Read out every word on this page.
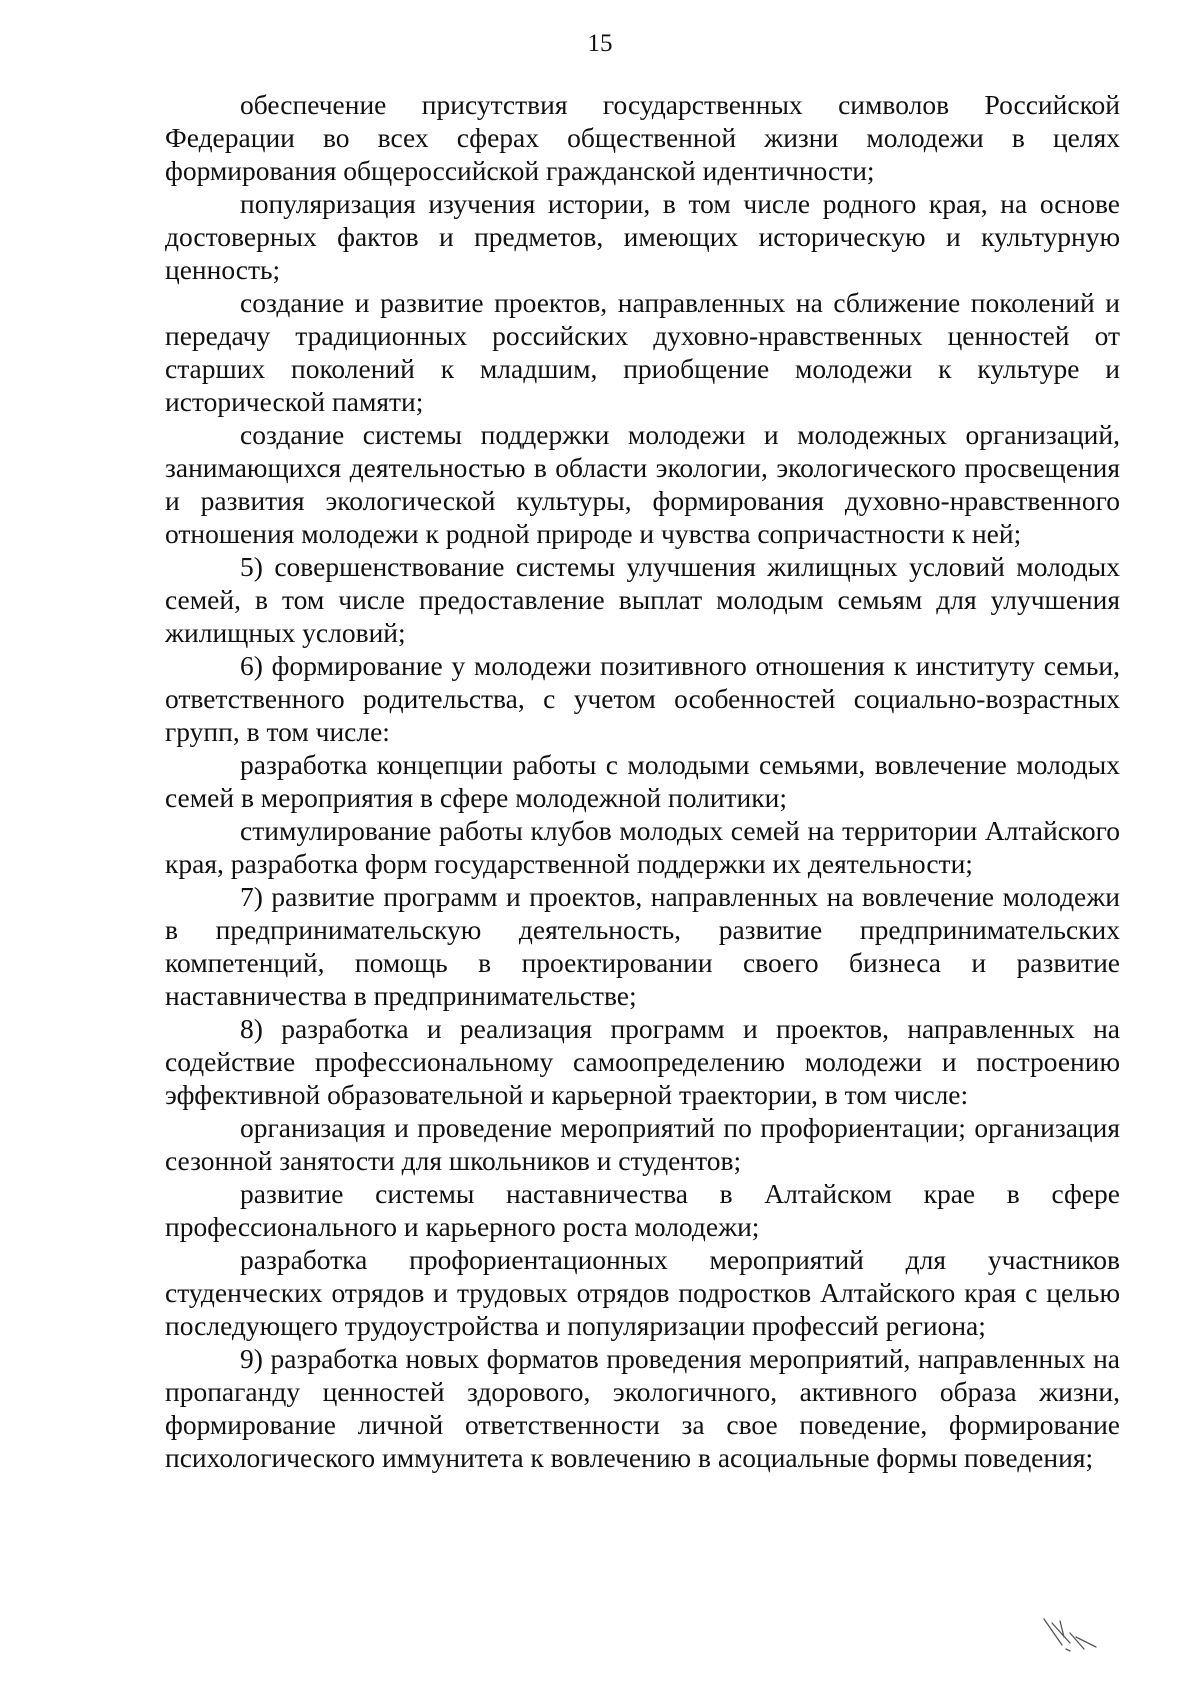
15

обеспечение присутствия государственных символов Российской Федерации во всех сферах общественной жизни молодежи в целях формирования общероссийской гражданской идентичности;

популяризация изучения истории, в том числе родного края, на основе достоверных фактов и предметов, имеющих историческую и культурную ценность;

создание и развитие проектов, направленных на сближение поколений и передачу традиционных российских духовно-нравственных ценностей от старших поколений к младшим, приобщение молодежи к культуре и исторической памяти;

создание системы поддержки молодежи и молодежных организаций, занимающихся деятельностью в области экологии, экологического просвещения и развития экологической культуры, формирования духовно-нравственного отношения молодежи к родной природе и чувства сопричастности к ней;

5) совершенствование системы улучшения жилищных условий молодых семей, в том числе предоставление выплат молодым семьям для улучшения жилищных условий;

6) формирование у молодежи позитивного отношения к институту семьи, ответственного родительства, с учетом особенностей социально-возрастных групп, в том числе:

разработка концепции работы с молодыми семьями, вовлечение молодых семей в мероприятия в сфере молодежной политики;

стимулирование работы клубов молодых семей на территории Алтайского края, разработка форм государственной поддержки их деятельности;

7) развитие программ и проектов, направленных на вовлечение молодежи в предпринимательскую деятельность, развитие предпринимательских компетенций, помощь в проектировании своего бизнеса и развитие наставничества в предпринимательстве;

8) разработка и реализация программ и проектов, направленных на содействие профессиональному самоопределению молодежи и построению эффективной образовательной и карьерной траектории, в том числе:

организация и проведение мероприятий по профориентации; организация сезонной занятости для школьников и студентов;

развитие системы наставничества в Алтайском крае в сфере профессионального и карьерного роста молодежи;

разработка профориентационных мероприятий для участников студенческих отрядов и трудовых отрядов подростков Алтайского края с целью последующего трудоустройства и популяризации профессий региона;

9) разработка новых форматов проведения мероприятий, направленных на пропаганду ценностей здорового, экологичного, активного образа жизни, формирование личной ответственности за свое поведение, формирование психологического иммунитета к вовлечению в асоциальные формы поведения;
